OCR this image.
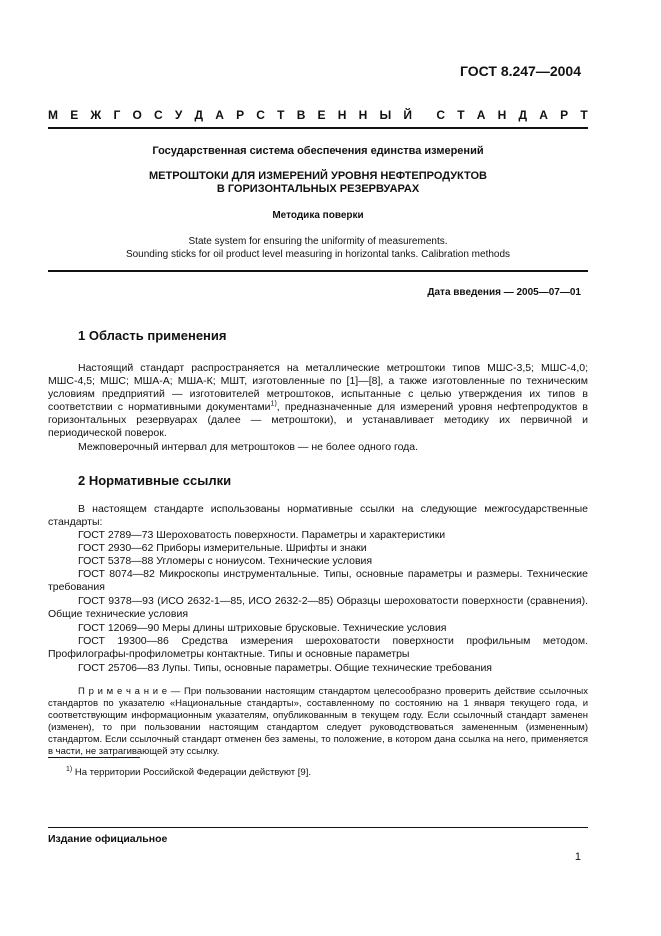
ГОСТ 8.247—2004
М Е Ж Г О С У Д А Р С Т В Е Н Н Ы Й С Т А Н Д А Р Т
Государственная система обеспечения единства измерений
МЕТРОШТОКИ ДЛЯ ИЗМЕРЕНИЙ УРОВНЯ НЕФТЕПРОДУКТОВ
В ГОРИЗОНТАЛЬНЫХ РЕЗЕРВУАРАХ
Методика поверки
State system for ensuring the uniformity of measurements.
Sounding sticks for oil product level measuring in horizontal tanks. Calibration methods
Дата введения — 2005—07—01
1 Область применения
Настоящий стандарт распространяется на металлические метроштоки типов МШС-3,5; МШС-4,0; МШС-4,5; МШС; МША-А; МША-К; МШТ, изготовленные по [1]—[8], а также изготовленные по техническим условиям предприятий — изготовителей метроштоков, испытанные с целью утверждения их типов в соответствии с нормативными документами$^{1)}$, предназначенные для измерений уровня нефтепродуктов в горизонтальных резервуарах (далее — метроштоки), и устанавливает методику их первичной и периодической поверок.
Межповерочный интервал для метроштоков — не более одного года.
2 Нормативные ссылки
В настоящем стандарте использованы нормативные ссылки на следующие межгосударственные стандарты:
ГОСТ 2789—73 Шероховатость поверхности. Параметры и характеристики
ГОСТ 2930—62 Приборы измерительные. Шрифты и знаки
ГОСТ 5378—88 Угломеры с нониусом. Технические условия
ГОСТ 8074—82 Микроскопы инструментальные. Типы, основные параметры и размеры. Технические требования
ГОСТ 9378—93 (ИСО 2632-1—85, ИСО 2632-2—85) Образцы шероховатости поверхности (сравнения). Общие технические условия
ГОСТ 12069—90 Меры длины штриховые брусковые. Технические условия
ГОСТ 19300—86 Средства измерения шероховатости поверхности профильным методом. Профилографы-профилометры контактные. Типы и основные параметры
ГОСТ 25706—83 Лупы. Типы, основные параметры. Общие технические требования
П р и м е ч а н и е — При пользовании настоящим стандартом целесообразно проверить действие ссылочных стандартов по указателю «Национальные стандарты», составленному по состоянию на 1 января текущего года, и соответствующим информационным указателям, опубликованным в текущем году. Если ссылочный стандарт заменен (изменен), то при пользовании настоящим стандартом следует руководствоваться замененным (измененным) стандартом. Если ссылочный стандарт отменен без замены, то положение, в котором дана ссылка на него, применяется в части, не затрагивающей эту ссылку.
$^{1)}$ На территории Российской Федерации действуют [9].
Издание официальное
1
